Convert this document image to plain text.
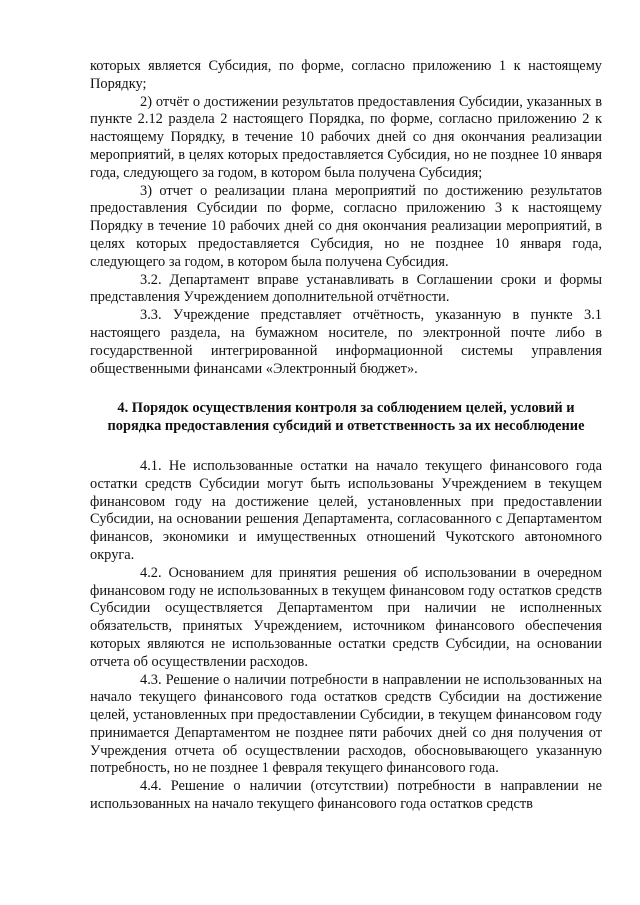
которых является Субсидия, по форме, согласно приложению 1 к настоящему Порядку;

2) отчёт о достижении результатов предоставления Субсидии, указанных в пункте 2.12 раздела 2 настоящего Порядка, по форме, согласно приложению 2 к настоящему Порядку, в течение 10 рабочих дней со дня окончания реализации мероприятий, в целях которых предоставляется Субсидия, но не позднее 10 января года, следующего за годом, в котором была получена Субсидия;

3) отчет о реализации плана мероприятий по достижению результатов предоставления Субсидии по форме, согласно приложению 3 к настоящему Порядку в течение 10 рабочих дней со дня окончания реализации мероприятий, в целях которых предоставляется Субсидия, но не позднее 10 января года, следующего за годом, в котором была получена Субсидия.

3.2. Департамент вправе устанавливать в Соглашении сроки и формы представления Учреждением дополнительной отчётности.

3.3. Учреждение представляет отчётность, указанную в пункте 3.1 настоящего раздела, на бумажном носителе, по электронной почте либо в государственной интегрированной информационной системы управления общественными финансами «Электронный бюджет».

4. Порядок осуществления контроля за соблюдением целей, условий и порядка предоставления субсидий и ответственность за их несоблюдение

4.1. Не использованные остатки на начало текущего финансового года остатки средств Субсидии могут быть использованы Учреждением в текущем финансовом году на достижение целей, установленных при предоставлении Субсидии, на основании решения Департамента, согласованного с Департаментом финансов, экономики и имущественных отношений Чукотского автономного округа.

4.2. Основанием для принятия решения об использовании в очередном финансовом году не использованных в текущем финансовом году остатков средств Субсидии осуществляется Департаментом при наличии не исполненных обязательств, принятых Учреждением, источником финансового обеспечения которых являются не использованные остатки средств Субсидии, на основании отчета об осуществлении расходов.

4.3. Решение о наличии потребности в направлении не использованных на начало текущего финансового года остатков средств Субсидии на достижение целей, установленных при предоставлении Субсидии, в текущем финансовом году принимается Департаментом не позднее пяти рабочих дней со дня получения от Учреждения отчета об осуществлении расходов, обосновывающего указанную потребность, но не позднее 1 февраля текущего финансового года.

4.4. Решение о наличии (отсутствии) потребности в направлении не использованных на начало текущего финансового года остатков средств
